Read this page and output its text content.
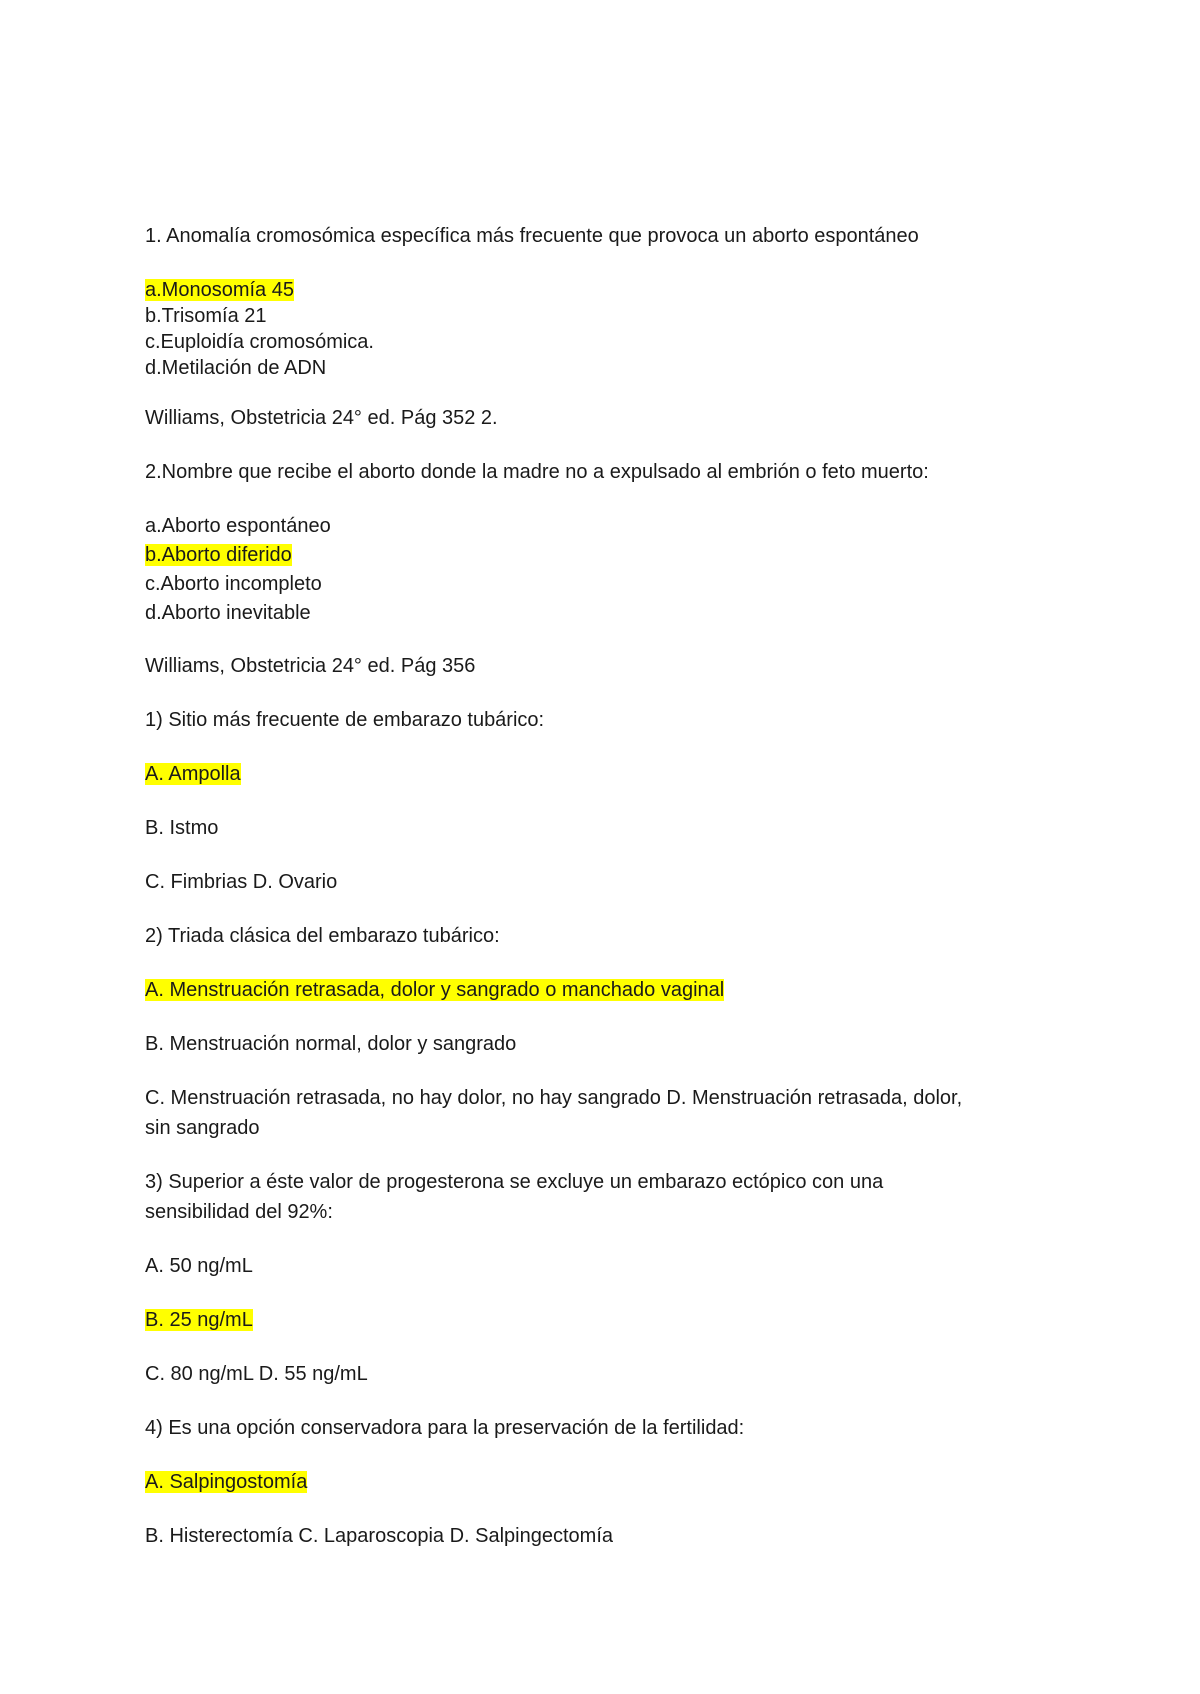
1. Anomalía cromosómica específica más frecuente que provoca un aborto espontáneo
a.Monosomía 45
b.Trisomía 21
c.Euploidía cromosómica.
d.Metilación de ADN
Williams, Obstetricia 24° ed. Pág 352 2.
2.Nombre que recibe el aborto donde la madre no a expulsado al embrión o feto muerto:
a.Aborto espontáneo
b.Aborto diferido
c.Aborto incompleto
d.Aborto inevitable
Williams, Obstetricia 24° ed. Pág 356
1) Sitio más frecuente de embarazo tubárico:
A. Ampolla
B. Istmo
C. Fimbrias D. Ovario
2) Triada clásica del embarazo tubárico:
A. Menstruación retrasada, dolor y sangrado o manchado vaginal
B. Menstruación normal, dolor y sangrado
C. Menstruación retrasada, no hay dolor, no hay sangrado D. Menstruación retrasada, dolor,
sin sangrado
3) Superior a éste valor de progesterona se excluye un embarazo ectópico con una
sensibilidad del 92%:
A. 50 ng/mL
B. 25 ng/mL
C. 80 ng/mL D. 55 ng/mL
4) Es una opción conservadora para la preservación de la fertilidad:
A. Salpingostomía
B. Histerectomía C. Laparoscopia D. Salpingectomía
